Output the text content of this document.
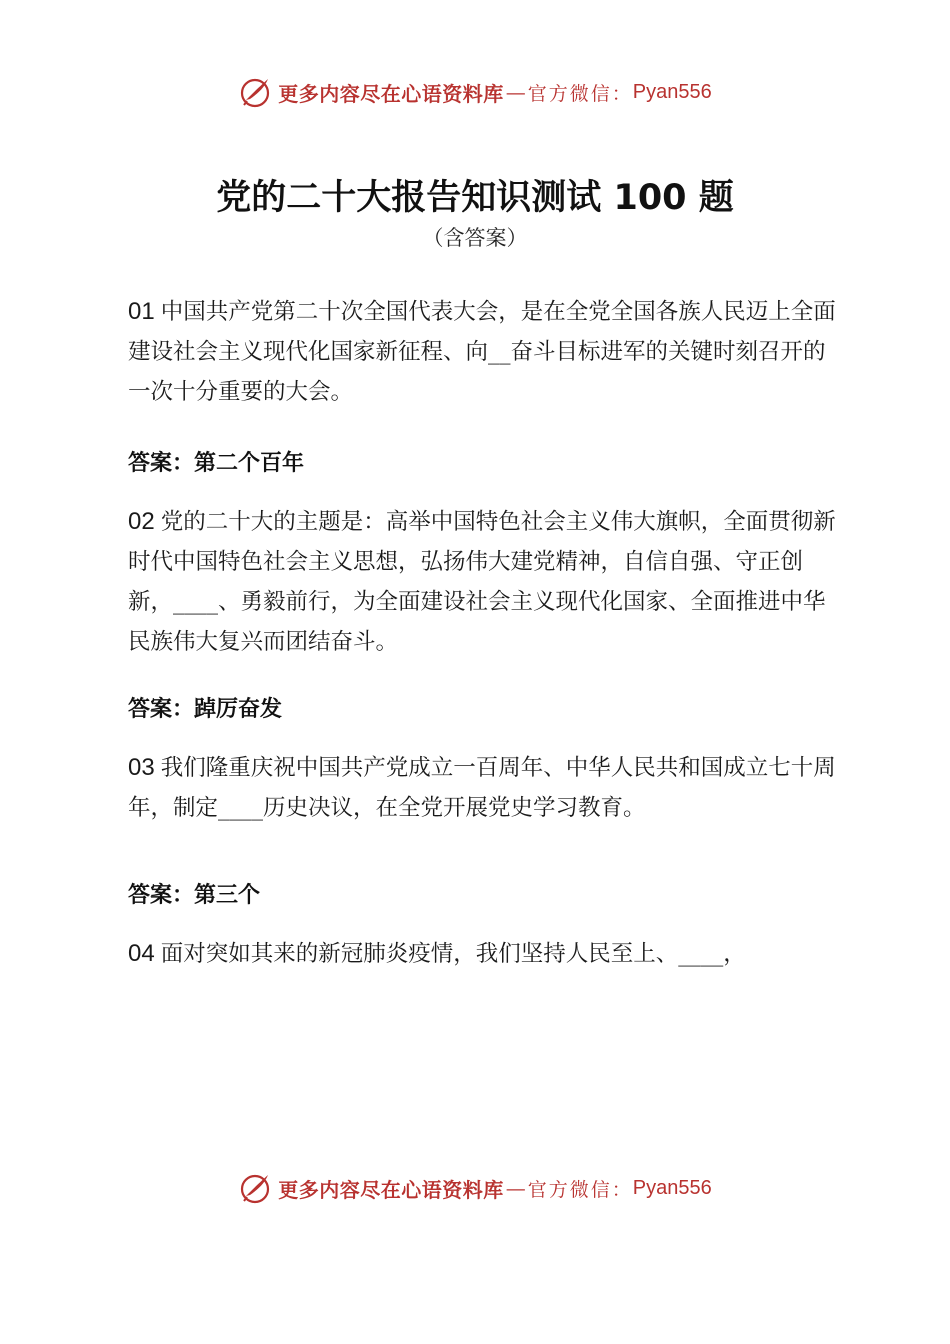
更多内容尽在心语资料库 — 官方微信： Pyan556
党的二十大报告知识测试 100 题
（含答案）

01 中国共产党第二十次全国代表大会，是在全党全国各族人民迈上全面建设社会主义现代化国家新征程、向__奋斗目标进军的关键时刻召开的一次十分重要的大会。

答案：第二个百年

02 党的二十大的主题是：高举中国特色社会主义伟大旗帜，全面贯彻新时代中国特色社会主义思想，弘扬伟大建党精神，自信自强、守正创新，____、勇毅前行，为全面建设社会主义现代化国家、全面推进中华民族伟大复兴而团结奋斗。

答案：踔厉奋发

03 我们隆重庆祝中国共产党成立一百周年、中华人民共和国成立七十周年，制定____历史决议，在全党开展党史学习教育。

答案：第三个

04 面对突如其来的新冠肺炎疫情，我们坚持人民至上、____，

更多内容尽在心语资料库 — 官方微信： Pyan556
